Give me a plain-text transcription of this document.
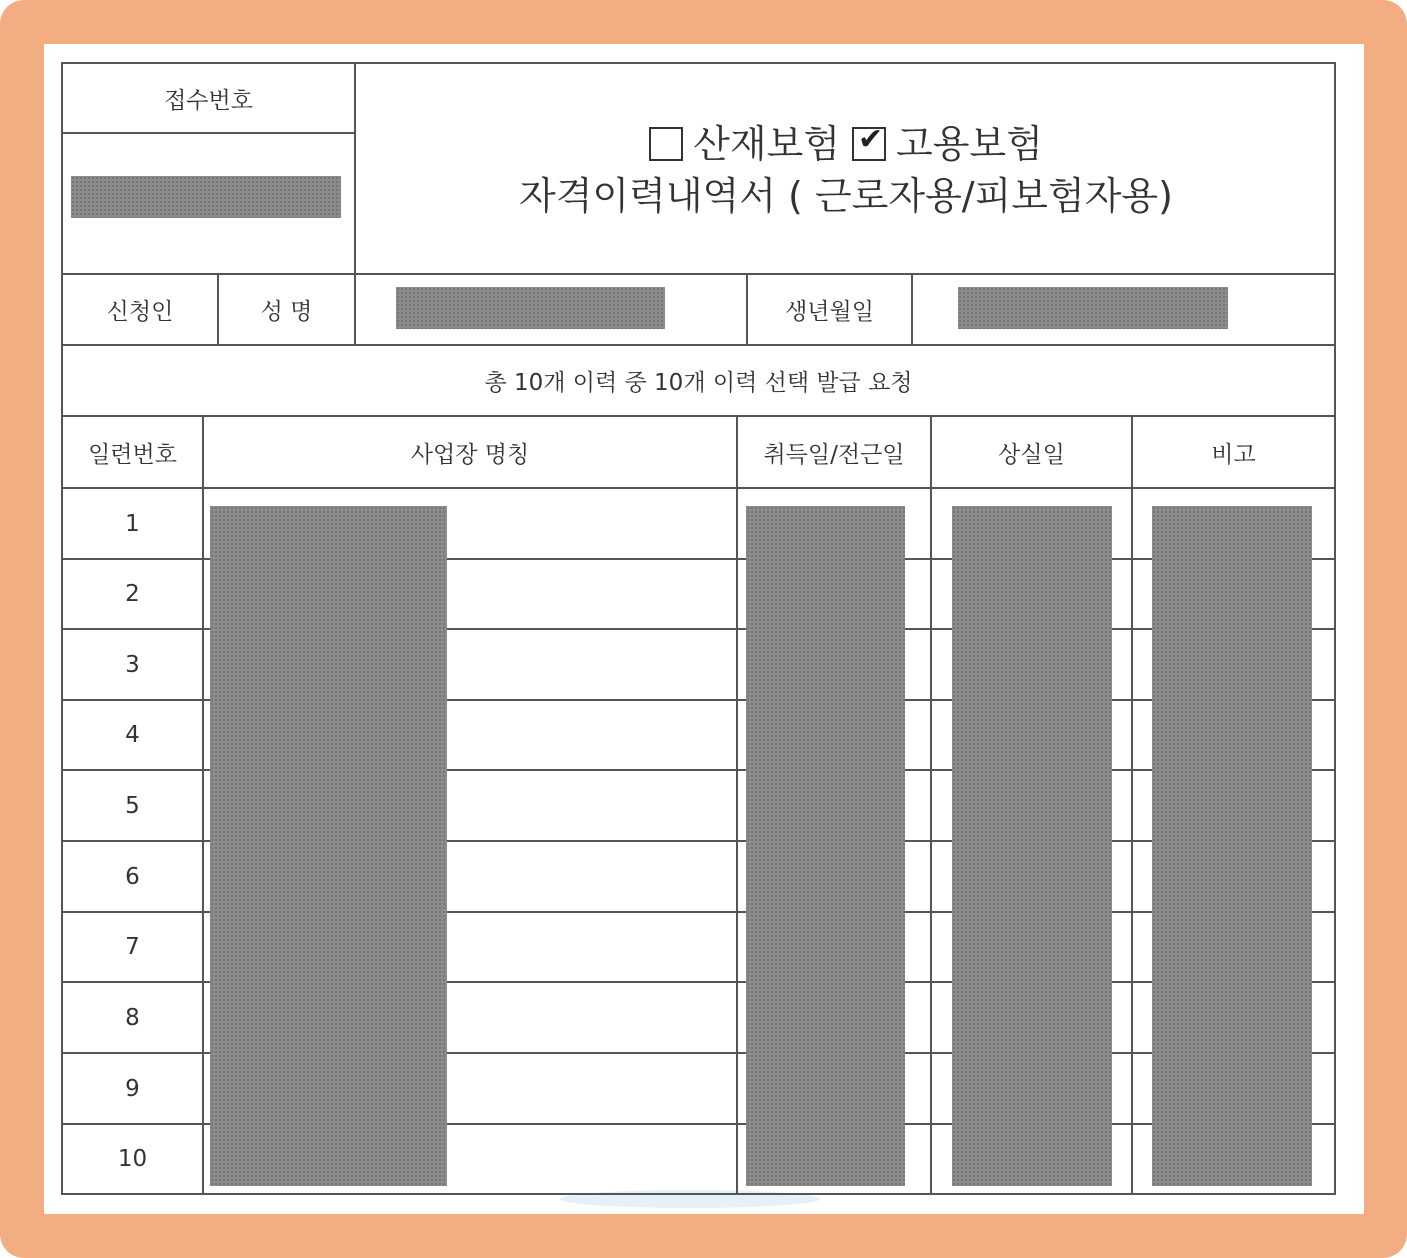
접수번호
산재보험 ✔ 고용보험
자격이력내역서 ( 근로자용/피보험자용)
신청인	성 명	생년월일
총 10개 이력 중 10개 이력 선택 발급 요청
일련번호	사업장 명칭	취득일/전근일	상실일	비고
1
2
3
4
5
6
7
8
9
10
